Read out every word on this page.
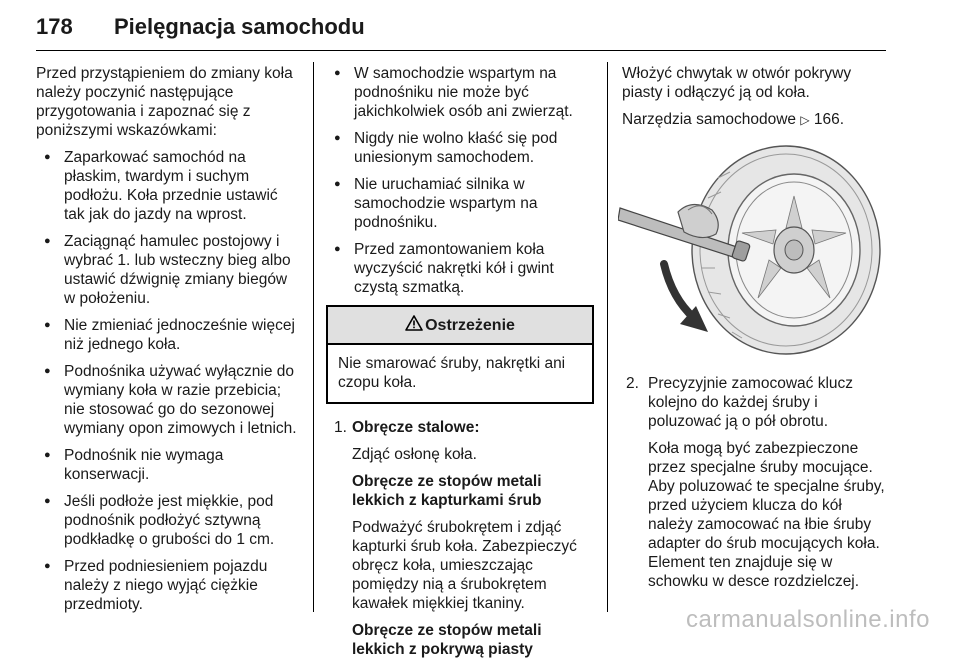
178 Pielęgnacja samochodu

Przed przystąpieniem do zmiany koła należy poczynić następujące przygotowania i zapoznać się z poniższymi wskazówkami:

● Zaparkować samochód na płaskim, twardym i suchym podłożu. Koła przednie ustawić tak jak do jazdy na wprost.
● Zaciągnąć hamulec postojowy i wybrać 1. lub wsteczny bieg albo ustawić dźwignię zmiany biegów w położeniu.
● Nie zmieniać jednocześnie więcej niż jednego koła.
● Podnośnika używać wyłącznie do wymiany koła w razie przebicia; nie stosować go do sezonowej wymiany opon zimowych i letnich.
● Podnośnik nie wymaga konserwacji.
● Jeśli podłoże jest miękkie, pod podnośnik podłożyć sztywną podkładkę o grubości do 1 cm.
● Przed podniesieniem pojazdu należy z niego wyjąć ciężkie przedmioty.
● W samochodzie wspartym na podnośniku nie może być jakichkolwiek osób ani zwierząt.
● Nigdy nie wolno kłaść się pod uniesionym samochodem.
● Nie uruchamiać silnika w samochodzie wspartym na podnośniku.
● Przed zamontowaniem koła wyczyścić nakrętki kół i gwint czystą szmatką.
Ostrzeżenie
Nie smarować śruby, nakrętki ani czopu koła.
1. Obręcze stalowe:

Zdjąć osłonę koła.

Obręcze ze stopów metali lekkich z kapturkami śrub

Podważyć śrubokrętem i zdjąć kapturki śrub koła. Zabezpieczyć obręcz koła, umieszczając pomiędzy nią a śrubokrętem kawałek miękkiej tkaniny.

Obręcze ze stopów metali lekkich z pokrywą piasty

Włożyć chwytak w otwór pokrywy piasty i odłączyć ją od koła.

Narzędzia samochodowe ▷ 166.

2. Precyzyjnie zamocować klucz kolejno do każdej śruby i poluzować ją o pół obrotu.

Koła mogą być zabezpieczone przez specjalne śruby mocujące. Aby poluzować te specjalne śruby, przed użyciem klucza do kół należy zamocować na łbie śruby adapter do śrub mocujących koła. Element ten znajduje się w schowku w desce rozdzielczej.

carmanualsonline.info
